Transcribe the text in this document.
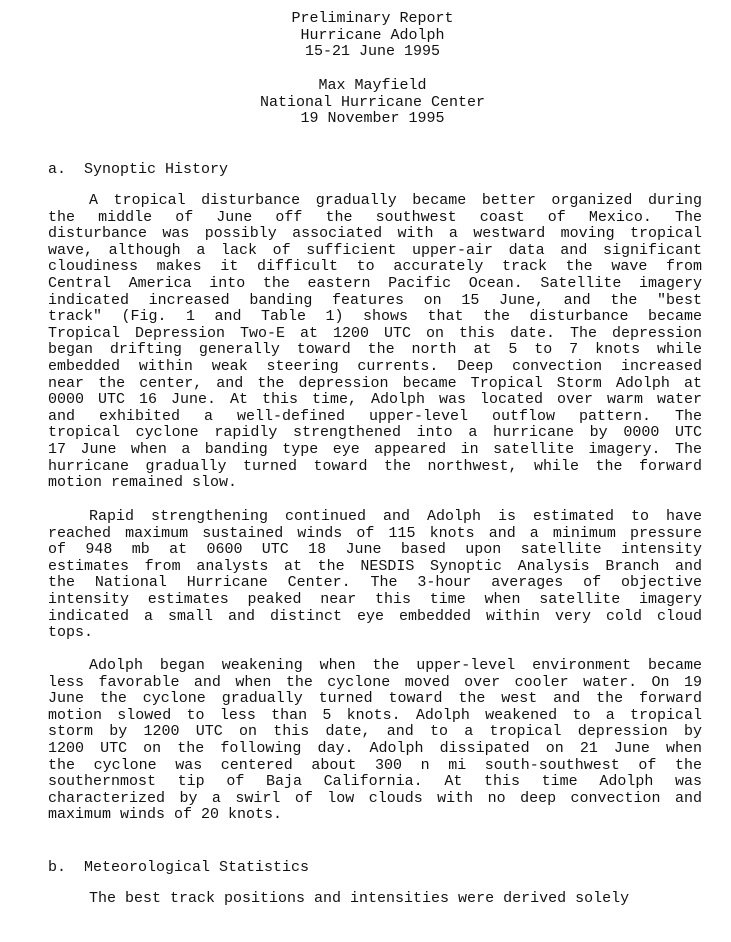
Preliminary Report
Hurricane Adolph
15-21 June 1995
Max Mayfield
National Hurricane Center
19 November 1995
a.  Synoptic History
A tropical disturbance gradually became better organized during
the middle of June off the southwest coast of Mexico. The
disturbance was possibly associated with a westward moving tropical
wave, although a lack of sufficient upper-air data and significant
cloudiness makes it difficult to accurately track the wave from
Central America into the eastern Pacific Ocean. Satellite imagery
indicated increased banding features on 15 June, and the "best
track" (Fig. 1 and Table 1) shows that the disturbance became
Tropical Depression Two-E at 1200 UTC on this date. The depression
began drifting generally toward the north at 5 to 7 knots while
embedded within weak steering currents. Deep convection increased
near the center, and the depression became Tropical Storm Adolph at
0000 UTC 16 June. At this time, Adolph was located over warm water
and exhibited a well-defined upper-level outflow pattern. The
tropical cyclone rapidly strengthened into a hurricane by 0000 UTC
17 June when a banding type eye appeared in satellite imagery. The
hurricane gradually turned toward the northwest, while the forward
motion remained slow.
Rapid strengthening continued and Adolph is estimated to have
reached maximum sustained winds of 115 knots and a minimum pressure
of 948 mb at 0600 UTC 18 June based upon satellite intensity
estimates from analysts at the NESDIS Synoptic Analysis Branch and
the National Hurricane Center. The 3-hour averages of objective
intensity estimates peaked near this time when satellite imagery
indicated a small and distinct eye embedded within very cold cloud
tops.
Adolph began weakening when the upper-level environment became
less favorable and when the cyclone moved over cooler water. On 19
June the cyclone gradually turned toward the west and the forward
motion slowed to less than 5 knots. Adolph weakened to a tropical
storm by 1200 UTC on this date, and to a tropical depression by
1200 UTC on the following day. Adolph dissipated on 21 June when
the cyclone was centered about 300 n mi south-southwest of the
southernmost tip of Baja California. At this time Adolph was
characterized by a swirl of low clouds with no deep convection and
maximum winds of 20 knots.
b.  Meteorological Statistics
The best track positions and intensities were derived solely
